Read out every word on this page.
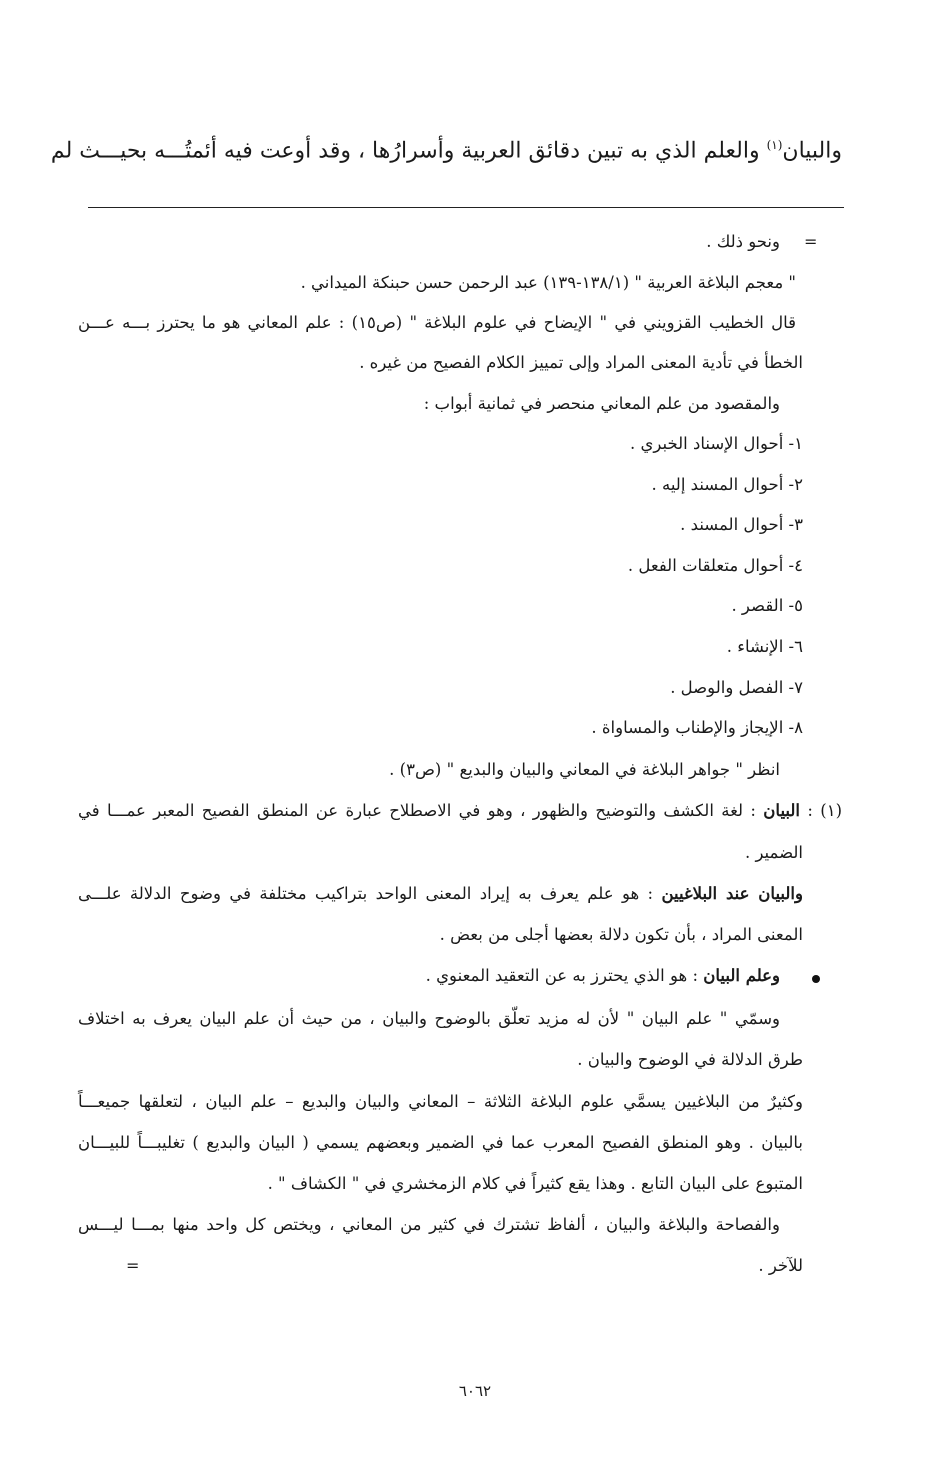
والبيان$^{(١)}$ والعلم الذي به تبين دقائق العربية وأسرارُها ، وقد أوعت فيه أئمتُـــه بحيـــث لم
=
ونحو ذلك .
" معجم البلاغة العربية " (١٣٨/١-١٣٩) عبد الرحمن حسن حبنكة الميداني .
قال الخطيب القزويني في " الإيضاح في علوم البلاغة " (ص١٥) : علم المعاني هو ما يحترز بـــه عـــن
الخطأ في تأدية المعنى المراد وإلى تمييز الكلام الفصيح من غيره .
والمقصود من علم المعاني منحصر في ثمانية أبواب :
١- أحوال الإسناد الخبري .
٢- أحوال المسند إليه .
٣- أحوال المسند .
٤- أحوال متعلقات الفعل .
٥- القصر .
٦- الإنشاء .
٧- الفصل والوصل .
٨- الإيجاز والإطناب والمساواة .
انظر " جواهر البلاغة في المعاني والبيان والبديع " (ص٣) .
(١) : البيان : لغة الكشف والتوضيح والظهور ، وهو في الاصطلاح عبارة عن المنطق الفصيح المعبر عمـــا في
الضمير .
والبيان عند البلاغيين : هو علم يعرف به إيراد المعنى الواحد بتراكيب مختلفة في وضوح الدلالة علـــى
المعنى المراد ، بأن تكون دلالة بعضها أجلى من بعض .
وعلم البيان : هو الذي يحترز به عن التعقيد المعنوي .
وسمّي " علم البيان " لأن له مزيد تعلّق بالوضوح والبيان ، من حيث أن علم البيان يعرف به اختلاف
طرق الدلالة في الوضوح والبيان .
وكثيرٌ من البلاغيين يسمَّي علوم البلاغة الثلاثة – المعاني والبيان والبديع – علم البيان ، لتعلقها جميعـــاً
بالبيان . وهو المنطق الفصيح المعرب عما في الضمير وبعضهم يسمي ( البيان والبديع ) تغليبـــاً للبيـــان
المتبوع على البيان التابع . وهذا يقع كثيراً في كلام الزمخشري في " الكشاف " .
والفصاحة والبلاغة والبيان ، ألفاظ تشترك في كثير من المعاني ، ويختص كل واحد منها بمـــا ليـــس
للآخر .
=
٦٠٦٢
